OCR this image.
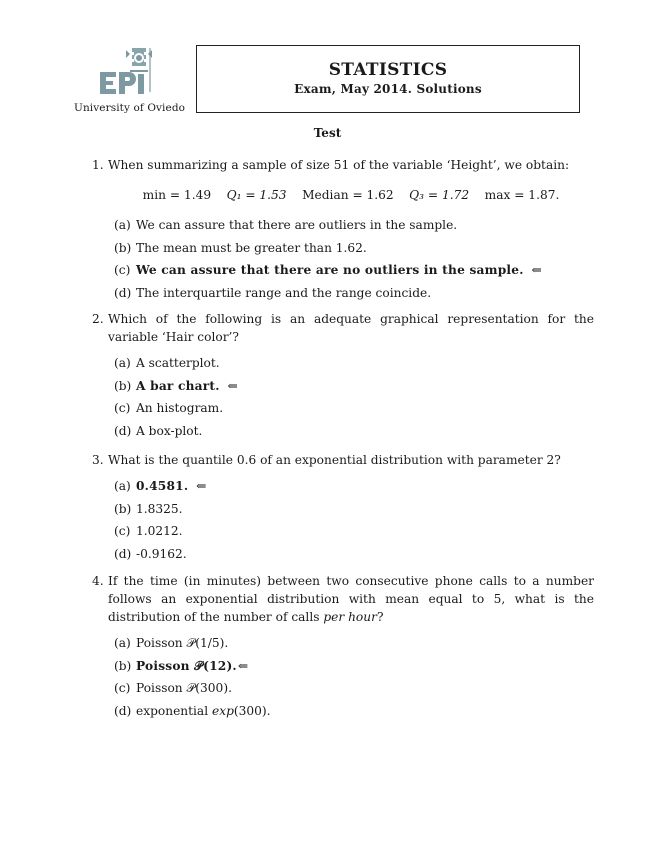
University of Oviedo
STATISTICS
Exam, May 2014. Solutions
Test
1. When summarizing a sample of size 51 of the variable ‘Height’, we obtain:
min = 1.49 Q₁ = 1.53 Median = 1.62 Q₃ = 1.72 max = 1.87.
(a) We can assure that there are outliers in the sample.
(b) The mean must be greater than 1.62.
(c) We can assure that there are no outliers in the sample. ⇐
(d) The interquartile range and the range coincide.
2. Which of the following is an adequate graphical representation for the variable ‘Hair color’?
(a) A scatterplot.
(b) A bar chart. ⇐
(c) An histogram.
(d) A box-plot.
3. What is the quantile 0.6 of an exponential distribution with parameter 2?
(a) 0.4581. ⇐
(b) 1.8325.
(c) 1.0212.
(d) -0.9162.
4. If the time (in minutes) between two consecutive phone calls to a number follows an exponential distribution with mean equal to 5, what is the distribution of the number of calls per hour?
(a) Poisson 𝒫(1/5).
(b) Poisson 𝒫(12).⇐
(c) Poisson 𝒫(300).
(d) exponential exp(300).
